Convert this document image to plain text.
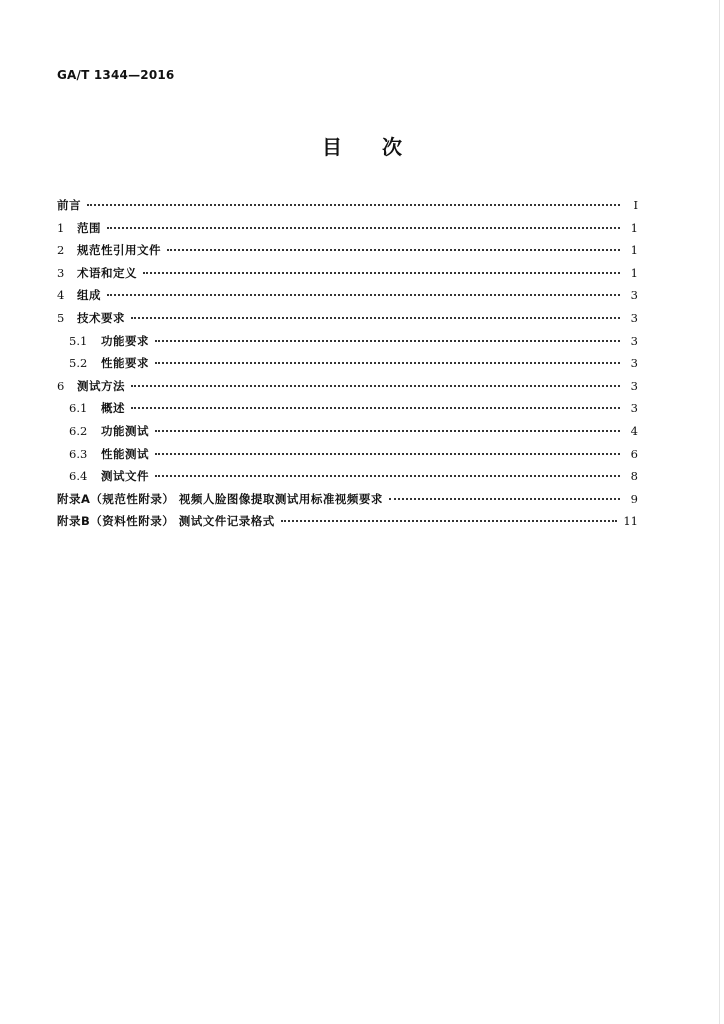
GA/T 1344—2016
目 次
前言	Ⅰ
1	范围	1
2	规范性引用文件	1
3	术语和定义	1
4	组成	3
5	技术要求	3
5.1	功能要求	3
5.2	性能要求	3
6	测试方法	3
6.1	概述	3
6.2	功能测试	4
6.3	性能测试	6
6.4	测试文件	8
附录A（规范性附录） 视频人脸图像提取测试用标准视频要求	9
附录B（资料性附录） 测试文件记录格式	11
